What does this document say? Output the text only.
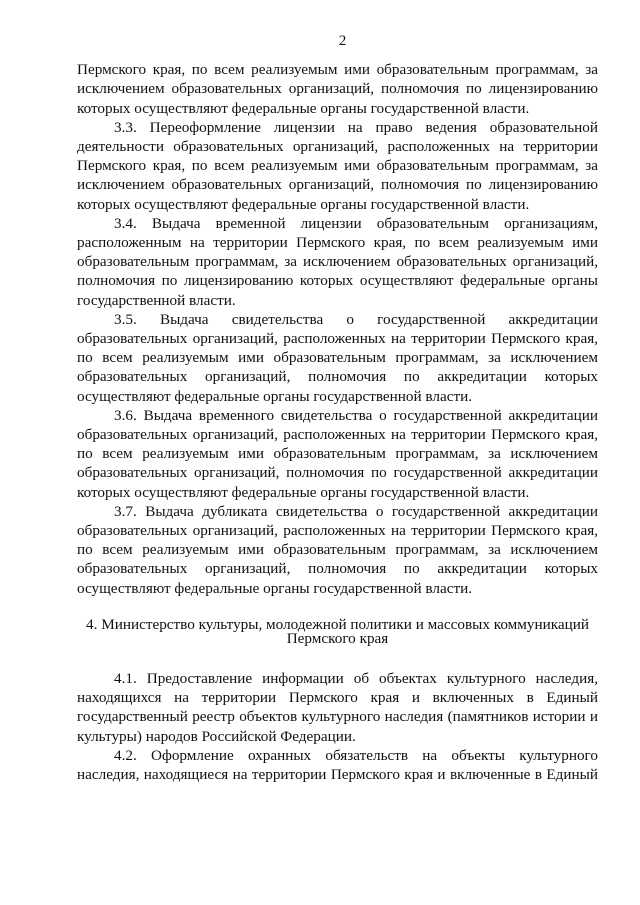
2

Пермского края, по всем реализуемым ими образовательным программам, за исключением образовательных организаций, полномочия по лицензированию которых осуществляют федеральные органы государственной власти.

3.3. Переоформление лицензии на право ведения образовательной деятельности образовательных организаций, расположенных на территории Пермского края, по всем реализуемым ими образовательным программам, за исключением образовательных организаций, полномочия по лицензированию которых осуществляют федеральные органы государственной власти.

3.4. Выдача временной лицензии образовательным организациям, расположенным на территории Пермского края, по всем реализуемым ими образовательным программам, за исключением образовательных организаций, полномочия по лицензированию которых осуществляют федеральные органы государственной власти.

3.5. Выдача свидетельства о государственной аккредитации образовательных организаций, расположенных на территории Пермского края, по всем реализуемым ими образовательным программам, за исключением образовательных организаций, полномочия по аккредитации которых осуществляют федеральные органы государственной власти.

3.6. Выдача временного свидетельства о государственной аккредитации образовательных организаций, расположенных на территории Пермского края, по всем реализуемым ими образовательным программам, за исключением образовательных организаций, полномочия по государственной аккредитации которых осуществляют федеральные органы государственной власти.

3.7. Выдача дубликата свидетельства о государственной аккредитации образовательных организаций, расположенных на территории Пермского края, по всем реализуемым ими образовательным программам, за исключением образовательных организаций, полномочия по аккредитации которых осуществляют федеральные органы государственной власти.

4. Министерство культуры, молодежной политики и массовых коммуникаций
Пермского края

4.1. Предоставление информации об объектах культурного наследия, находящихся на территории Пермского края и включенных в Единый государственный реестр объектов культурного наследия (памятников истории и культуры) народов Российской Федерации.

4.2. Оформление охранных обязательств на объекты культурного наследия, находящиеся на территории Пермского края и включенные в Единый
